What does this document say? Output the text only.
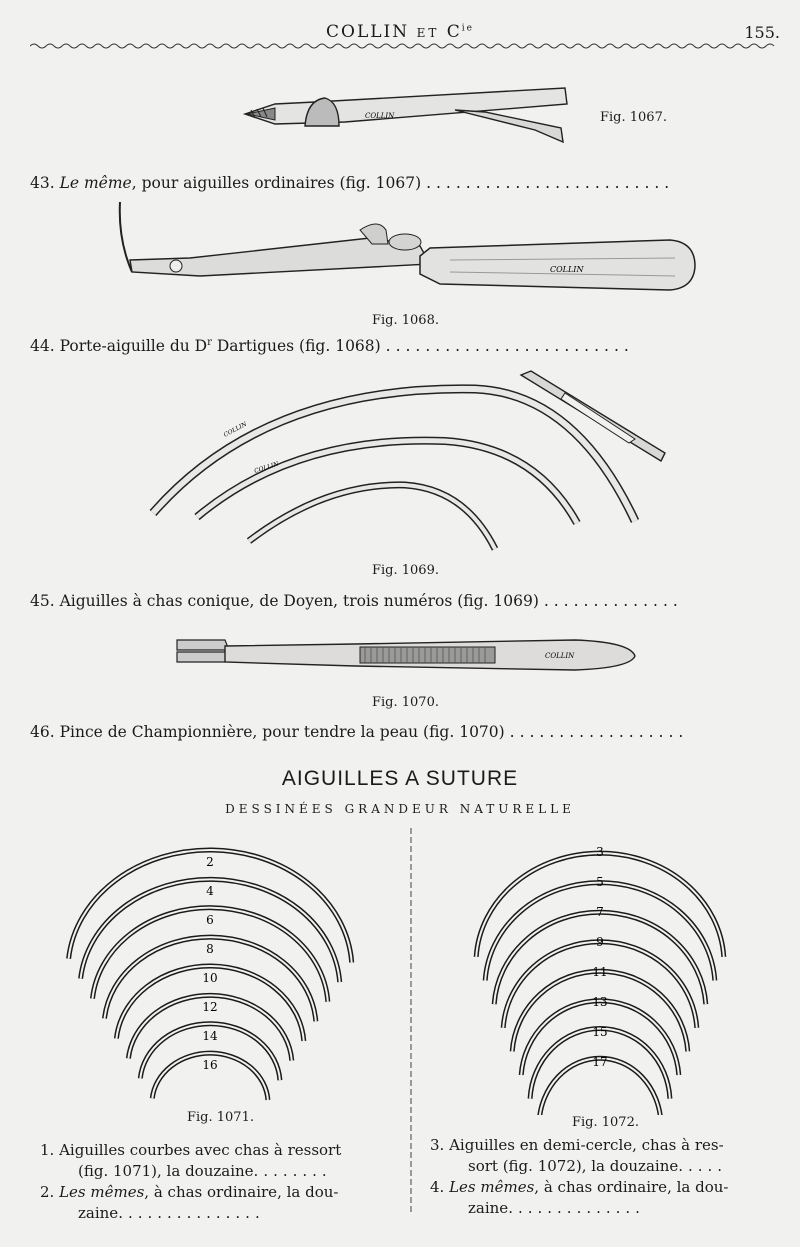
COLLIN ET $C^{ie}$	155.
COLLIN	Fig. 1067.
43. Le même, pour aiguilles ordinaires (fig. 1067) .........................
COLLIN
Fig. 1068.
44. Porte-aiguille du $D^r$ Dartigues (fig. 1068) .........................
COLLIN
COLLIN
Fig. 1069.
45. Aiguilles à chas conique, de Doyen, trois numéros (fig. 1069) ..............
COLLIN
Fig. 1070.
46. Pince de Championnière, pour tendre la peau (fig. 1070) ..................
AIGUILLES A SUTURE
DESSINÉES GRANDEUR NATURELLE
2
4
6
8
10
12
14
16
Fig. 1071.
3
5
7
9
11
13
15
17
Fig. 1072.
1. Aiguilles courbes avec chas à ressort
(fig. 1071), la douzaine........
2. Les mêmes, à chas ordinaire, la dou-
zaine...............
3. Aiguilles en demi-cercle, chas à res-
sort (fig. 1072), la douzaine.....
4. Les mêmes, à chas ordinaire, la dou-
zaine..............
